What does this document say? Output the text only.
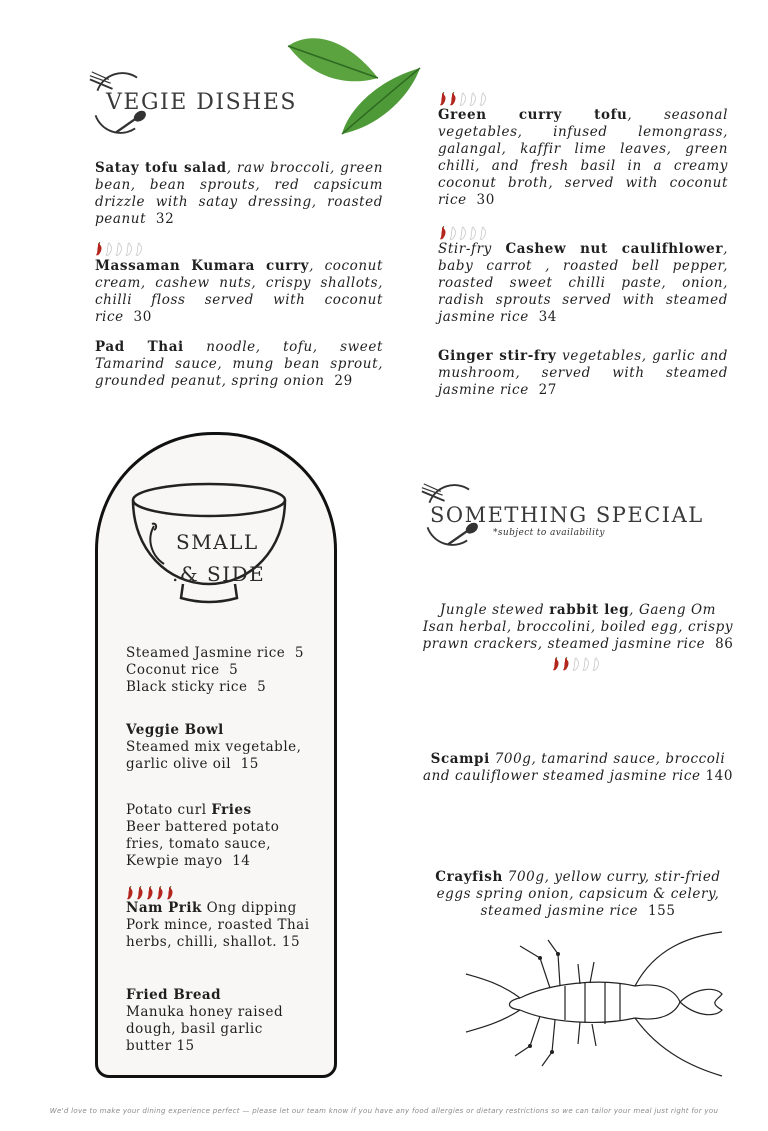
VEGIE DISHES
Satay tofu salad, raw broccoli, green bean, bean sprouts, red capsicum drizzle with satay dressing, roasted peanut 32
Massaman Kumara curry, coconut cream, cashew nuts, crispy shallots, chilli floss served with coconut rice 30
Pad Thai noodle, tofu, sweet Tamarind sauce, mung bean sprout, grounded peanut, spring onion 29
Green curry tofu, seasonal vegetables, infused lemongrass, galangal, kaffir lime leaves, green chilli, and fresh basil in a creamy coconut broth, served with coconut rice 30
Stir-fry Cashew nut caulifhlower, baby carrot , roasted bell pepper, roasted sweet chilli paste, onion, radish sprouts served with steamed jasmine rice 34
Ginger stir-fry vegetables, garlic and mushroom, served with steamed jasmine rice 27
SMALL
.& SIDE
Steamed Jasmine rice 5
Coconut rice 5
Black sticky rice 5
Veggie Bowl
Steamed mix vegetable, garlic olive oil 15
Potato curl Fries
Beer battered potato fries, tomato sauce, Kewpie mayo 14
Nam Prik Ong dipping
Pork mince, roasted Thai herbs, chilli, shallot. 15
Fried Bread
Manuka honey raised dough, basil garlic butter 15
SOMETHING SPECIAL
*subject to availability
Jungle stewed rabbit leg, Gaeng Om Isan herbal, broccolini, boiled egg, crispy prawn crackers, steamed jasmine rice 86
Scampi 700g, tamarind sauce, broccoli and cauliflower steamed jasmine rice 140
Crayfish 700g, yellow curry, stir-fried eggs spring onion, capsicum & celery, steamed jasmine rice 155
We'd love to make your dining experience perfect — please let our team know if you have any food allergies or dietary restrictions so we can tailor your meal just right for you
